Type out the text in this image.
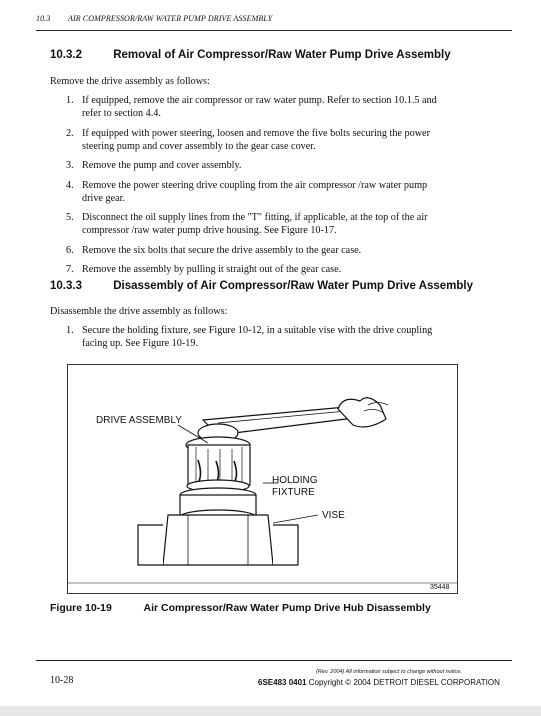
10.3 AIR COMPRESSOR/RAW WATER PUMP DRIVE ASSEMBLY
10.3.2	Removal of Air Compressor/Raw Water Pump Drive Assembly
Remove the drive assembly as follows:
1. If equipped, remove the air compressor or raw water pump. Refer to section 10.1.5 and
refer to section 4.4.
2. If equipped with power steering, loosen and remove the five bolts securing the power
steering pump and cover assembly to the gear case cover.
3. Remove the pump and cover assembly.
4. Remove the power steering drive coupling from the air compressor /raw water pump
drive gear.
5. Disconnect the oil supply lines from the "T" fitting, if applicable, at the top of the air
compressor /raw water pump drive housing. See Figure 10-17.
6. Remove the six bolts that secure the drive assembly to the gear case.
7. Remove the assembly by pulling it straight out of the gear case.
10.3.3	Disassembly of Air Compressor/Raw Water Pump Drive Assembly
Disassemble the drive assembly as follows:
1. Secure the holding fixture, see Figure 10-12, in a suitable vise with the drive coupling
facing up. See Figure 10-19.
DRIVE ASSEMBLY
HOLDING
FIXTURE
VISE
35448
Figure 10-19	Air Compressor/Raw Water Pump Drive Hub Disassembly
10-28
(Rev. 2004) All information subject to change without notice.
6SE483 0401 Copyright © 2004 DETROIT DIESEL CORPORATION
